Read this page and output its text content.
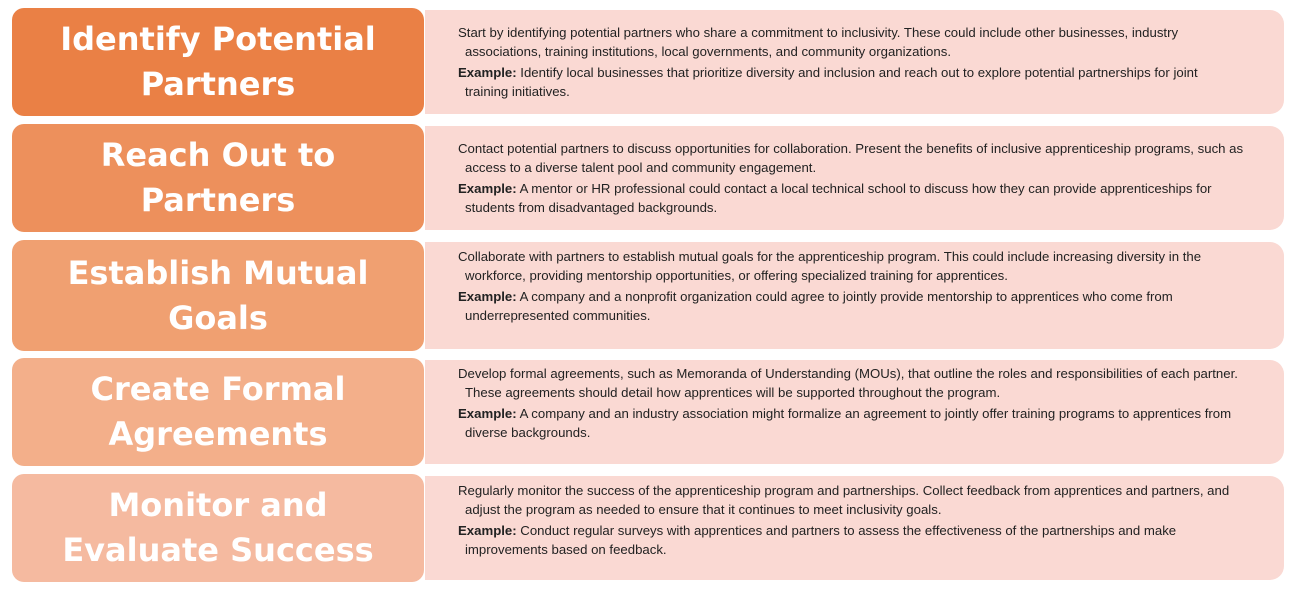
Identify Potential
Partners

Start by identifying potential partners who share a commitment to inclusivity. These could include other businesses, industry associations, training institutions, local governments, and community organizations.

Example: Identify local businesses that prioritize diversity and inclusion and reach out to explore potential partnerships for joint training initiatives.

Reach Out to
Partners

Contact potential partners to discuss opportunities for collaboration. Present the benefits of inclusive apprenticeship programs, such as access to a diverse talent pool and community engagement.

Example: A mentor or HR professional could contact a local technical school to discuss how they can provide apprenticeships for students from disadvantaged backgrounds.

Establish Mutual
Goals

Collaborate with partners to establish mutual goals for the apprenticeship program. This could include increasing diversity in the workforce, providing mentorship opportunities, or offering specialized training for apprentices.

Example: A company and a nonprofit organization could agree to jointly provide mentorship to apprentices who come from underrepresented communities.

Create Formal
Agreements

Develop formal agreements, such as Memoranda of Understanding (MOUs), that outline the roles and responsibilities of each partner. These agreements should detail how apprentices will be supported throughout the program.

Example: A company and an industry association might formalize an agreement to jointly offer training programs to apprentices from diverse backgrounds.

Monitor and
Evaluate Success

Regularly monitor the success of the apprenticeship program and partnerships. Collect feedback from apprentices and partners, and adjust the program as needed to ensure that it continues to meet inclusivity goals.

Example: Conduct regular surveys with apprentices and partners to assess the effectiveness of the partnerships and make improvements based on feedback.
